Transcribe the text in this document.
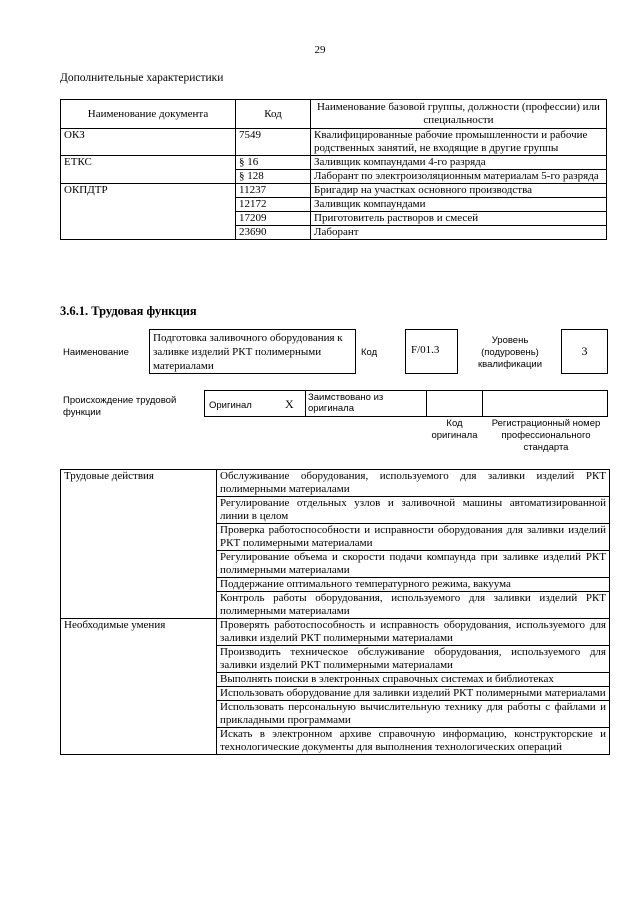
29
Дополнительные характеристики
Наименование документа	Код	Наименование базовой группы, должности (профессии) или специальности
ОКЗ	7549	Квалифицированные рабочие промышленности и рабочие родственных занятий, не входящие в другие группы
ЕТКС	§ 16	Заливщик компаундами 4-го разряда
	§ 128	Лаборант по электроизоляционным материалам 5-го разряда
ОКПДТР	11237	Бригадир на участках основного производства
	12172	Заливщик компаундами
	17209	Приготовитель растворов и смесей
	23690	Лаборант
3.6.1. Трудовая функция
Наименование
Подготовка заливочного оборудования к заливке изделий РКТ полимерными материалами
Код	F/01.3
Уровень (подуровень) квалификации
3
Происхождение трудовой функции
Оригинал	X	Заимствовано из оригинала
Код оригинала
Регистрационный номер профессионального стандарта
Трудовые действия	Обслуживание оборудования, используемого для заливки изделий РКТ полимерными материалами
	Регулирование отдельных узлов и заливочной машины автоматизированной линии в целом
	Проверка работоспособности и исправности оборудования для заливки изделий РКТ полимерными материалами
	Регулирование объема и скорости подачи компаунда при заливке изделий РКТ полимерными материалами
	Поддержание оптимального температурного режима, вакуума
	Контроль работы оборудования, используемого для заливки изделий РКТ полимерными материалами
Необходимые умения	Проверять работоспособность и исправность оборудования, используемого для заливки изделий РКТ полимерными материалами
	Производить техническое обслуживание оборудования, используемого для заливки изделий РКТ полимерными материалами
	Выполнять поиски в электронных справочных системах и библиотеках
	Использовать оборудование для заливки изделий РКТ полимерными материалами
	Использовать персональную вычислительную технику для работы с файлами и прикладными программами
	Искать в электронном архиве справочную информацию, конструкторские и технологические документы для выполнения технологических операций
